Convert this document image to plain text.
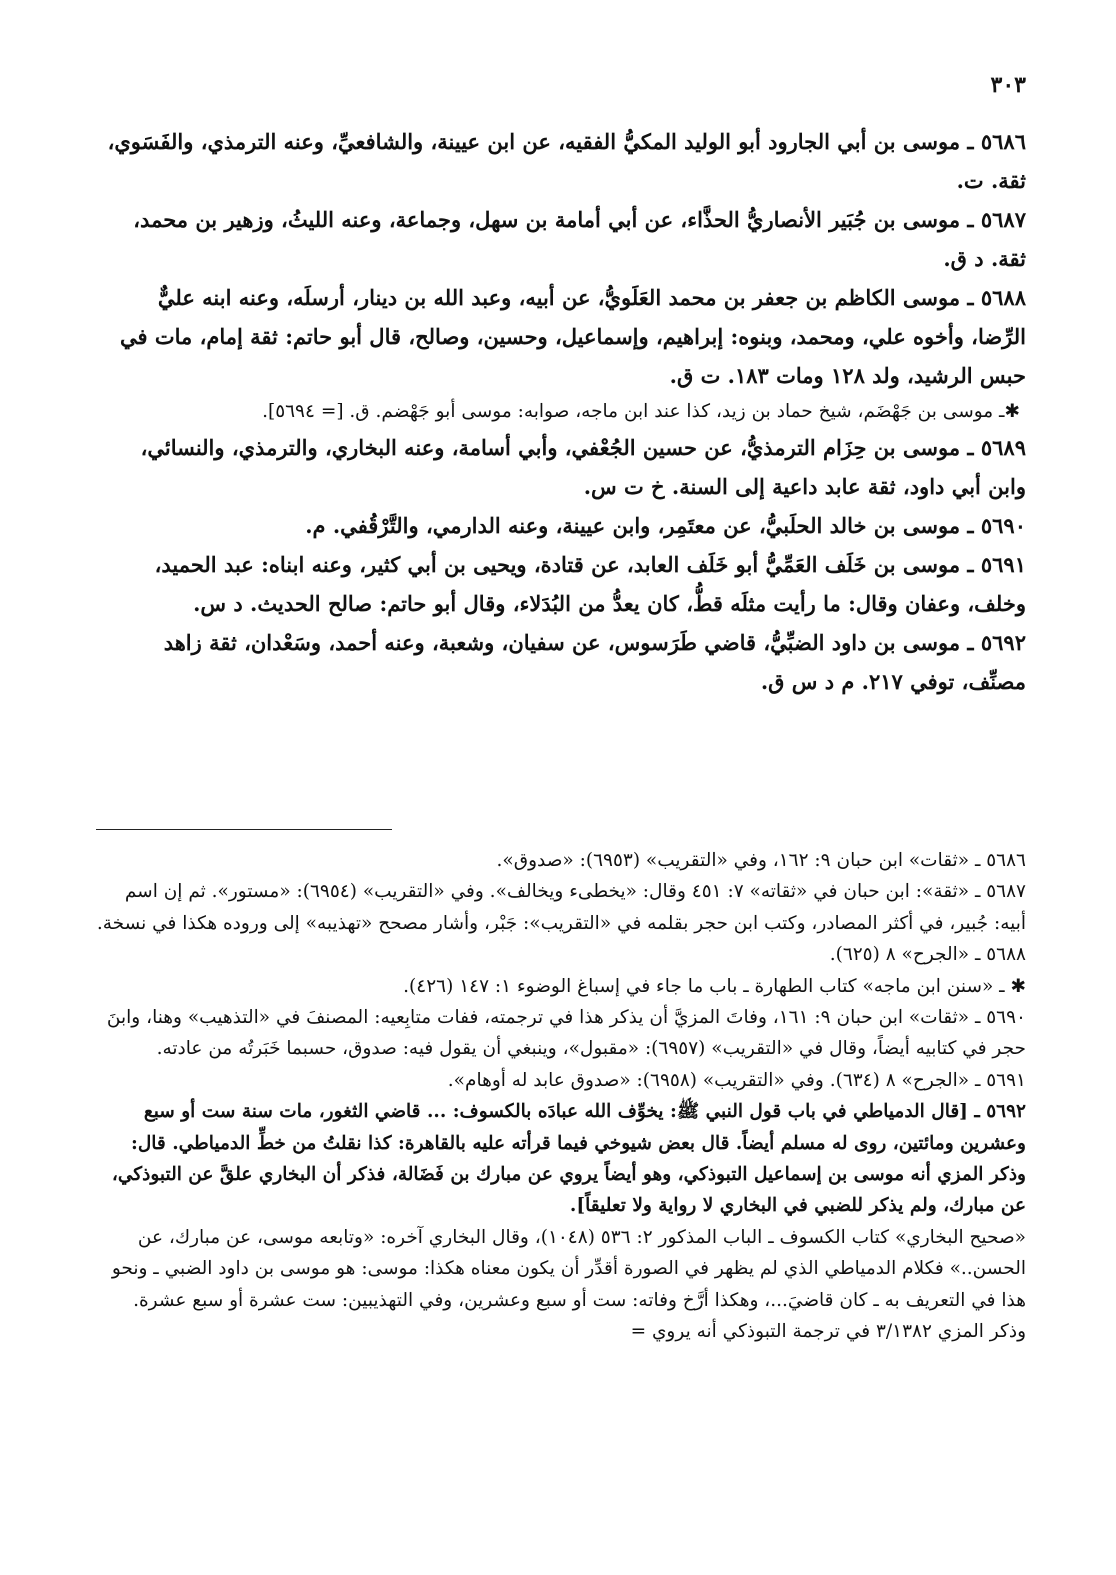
٣٠٣

٥٦٨٦ ـ موسى بن أبي الجارود أبو الوليد المكيُّ الفقيه، عن ابن عيينة، والشافعيِّ، وعنه الترمذي، والفَسَوي، ثقة. ت.

٥٦٨٧ ـ موسى بن جُبَير الأنصاريُّ الحذَّاء، عن أبي أمامة بن سهل، وجماعة، وعنه الليثُ، وزهير بن محمد، ثقة. د ق.

٥٦٨٨ ـ موسى الكاظم بن جعفر بن محمد العَلَويُّ، عن أبيه، وعبد الله بن دينار، أرسلَه، وعنه ابنه عليٌّ الرِّضا، وأخوه علي، ومحمد، وبنوه: إبراهيم، وإسماعيل، وحسين، وصالح، قال أبو حاتم: ثقة إمام، مات في حبس الرشيد، ولد ١٢٨ ومات ١٨٣. ت ق.

✱ـ موسى بن جَهْضَم، شيخ حماد بن زيد، كذا عند ابن ماجه، صوابه: موسى أبو جَهْضم. ق. [= ٥٦٩٤].

٥٦٨٩ ـ موسى بن حِزَام الترمذيُّ، عن حسين الجُعْفي، وأبي أسامة، وعنه البخاري، والترمذي، والنسائي، وابن أبي داود، ثقة عابد داعية إلى السنة. خ ت س.

٥٦٩٠ ـ موسى بن خالد الحلَبيُّ، عن معتَمِر، وابن عيينة، وعنه الدارمي، والتَّرْقُفي. م.

٥٦٩١ ـ موسى بن خَلَف العَمِّيُّ أبو خَلَف العابد، عن قتادة، ويحيى بن أبي كثير، وعنه ابناه: عبد الحميد، وخلف، وعفان وقال: ما رأيت مثلَه قطُّ، كان يعدُّ من البُدَلاء، وقال أبو حاتم: صالح الحديث. د س.

٥٦٩٢ ـ موسى بن داود الضبِّيُّ، قاضي طَرَسوس، عن سفيان، وشعبة، وعنه أحمد، وسَعْدان، ثقة زاهد مصنِّف، توفي ٢١٧. م د س ق.

٥٦٨٦ ـ «ثقات» ابن حبان ٩: ١٦٢، وفي «التقريب» (٦٩٥٣): «صدوق».

٥٦٨٧ ـ «ثقة»: ابن حبان في «ثقاته» ٧: ٤٥١ وقال: «يخطىء ويخالف». وفي «التقريب» (٦٩٥٤): «مستور». ثم إن اسم أبيه: جُبير، في أكثر المصادر، وكتب ابن حجر بقلمه في «التقريب»: جَبْر، وأشار مصحح «تهذيبه» إلى وروده هكذا في نسخة.

٥٦٨٨ ـ «الجرح» ٨ (٦٢٥).

✱ ـ «سنن ابن ماجه» كتاب الطهارة ـ باب ما جاء في إسباغ الوضوء ١: ١٤٧ (٤٢٦).

٥٦٩٠ ـ «ثقات» ابن حبان ٩: ١٦١، وفاتَ المزيَّ أن يذكر هذا في ترجمته، ففات متابِعيه: المصنفَ في «التذهيب» وهنا، وابنَ حجر في كتابيه أيضاً، وقال في «التقريب» (٦٩٥٧): «مقبول»، وينبغي أن يقول فيه: صدوق، حسبما خَبَرتُه من عادته.

٥٦٩١ ـ «الجرح» ٨ (٦٣٤). وفي «التقريب» (٦٩٥٨): «صدوق عابد له أوهام».

٥٦٩٢ ـ [قال الدمياطي في باب قول النبي ﷺ: يخوِّف الله عبادَه بالكسوف: ... قاضي الثغور، مات سنة ست أو سبع وعشرين ومائتين، روى له مسلم أيضاً. قال بعض شيوخي فيما قرأته عليه بالقاهرة: كذا نقلتُ من خطِّ الدمياطي. قال: وذكر المزي أنه موسى بن إسماعيل التبوذكي، وهو أيضاً يروي عن مبارك بن فَضَالة، فذكر أن البخاري علقَّ عن التبوذكي، عن مبارك، ولم يذكر للضبي في البخاري لا رواية ولا تعليقاً].

«صحيح البخاري» كتاب الكسوف ـ الباب المذكور ٢: ٥٣٦ (١٠٤٨)، وقال البخاري آخره: «وتابعه موسى، عن مبارك، عن الحسن..» فكلام الدمياطي الذي لم يظهر في الصورة أقدِّر أن يكون معناه هكذا: موسى: هو موسى بن داود الضبي ـ ونحو هذا في التعريف به ـ كان قاضيَ...، وهكذا أرَّخ وفاته: ست أو سبع وعشرين، وفي التهذيبين: ست عشرة أو سبع عشرة. وذكر المزي ٣/١٣٨٢ في ترجمة التبوذكي أنه يروي =
